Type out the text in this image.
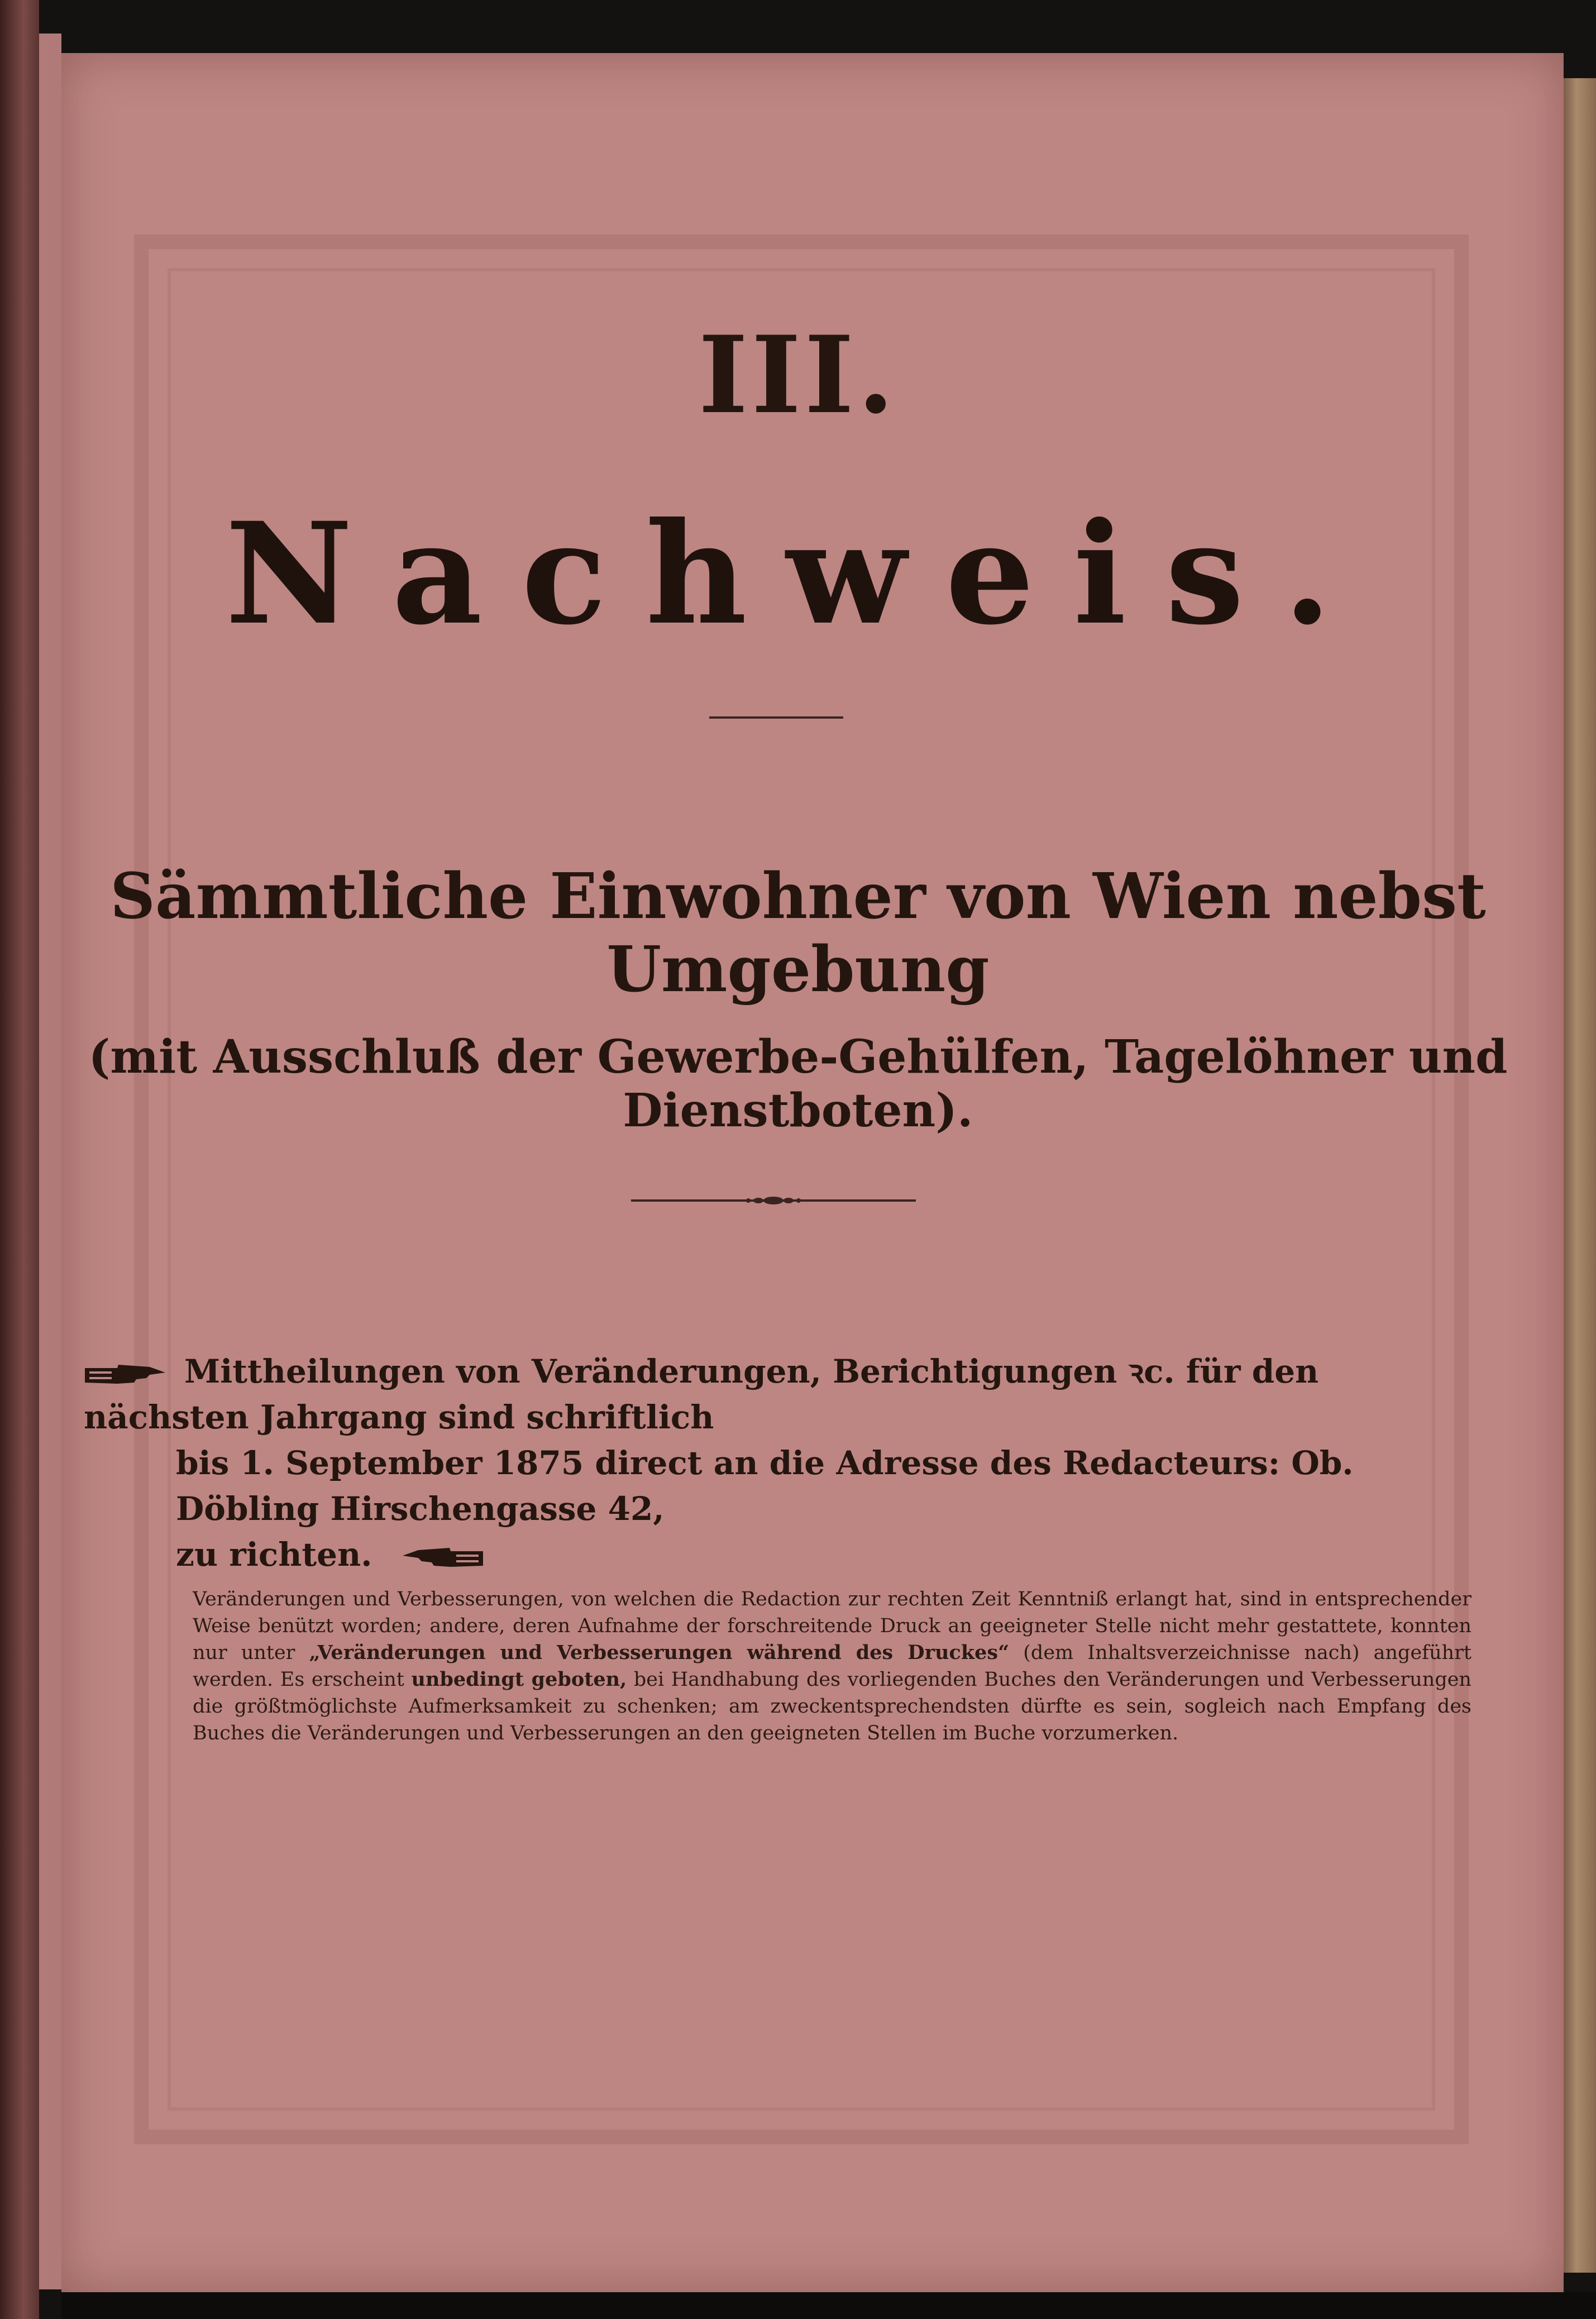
III.
Nachweis.
Sämmtliche Einwohner von Wien nebst Umgebung
(mit Ausschluß der Gewerbe-Gehülfen, Tagelöhner und Dienstboten).
Mittheilungen von Veränderungen, Berichtigungen ꝛc. für den nächsten Jahrgang sind schriftlich
bis 1. September 1875 direct an die Adresse des Redacteurs: Ob. Döbling Hirschengasse 42,
zu richten.
Veränderungen und Verbesserungen, von welchen die Redaction zur rechten Zeit Kenntniß erlangt hat, sind in entsprechender Weise benützt worden; andere, deren Aufnahme der forschreitende Druck an geeigneter Stelle nicht mehr gestattete, konnten nur unter „Veränderungen und Verbesserungen während des Druckes“ (dem Inhaltsverzeichnisse nach) angeführt werden. Es erscheint unbedingt geboten, bei Handhabung des vorliegenden Buches den Veränderungen und Verbesserungen die größtmöglichste Aufmerksamkeit zu schenken; am zweckentsprechendsten dürfte es sein, sogleich nach Empfang des Buches die Veränderungen und Verbesserungen an den geeigneten Stellen im Buche vorzumerken.
